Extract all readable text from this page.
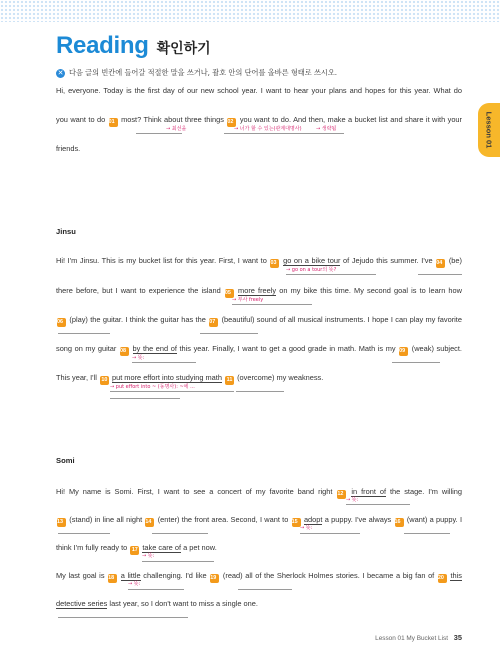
Reading 확인하기
✕ 다음 글의 빈칸에 들어갈 적절한 말을 쓰거나, 괄호 안의 단어를 올바른 형태로 쓰시오.
Lesson 01
Hi, everyone. Today is the first day of our new school year. I want to hear your plans and hopes for this year. What do
you want to do 01 most? Think about three things 02 you want to do. And then, make a bucket list and share it with your
→ 최선을	→ 너가 할 수 있는(관계대명사)	→ 생략됨
friends.
Jinsu
Hi! I'm Jinsu. This is my bucket list for this year. First, I want to 03 go on a bike tour of Jejudo this summer. I've 04 (be)
→ go on a tour의 뜻?
there before, but I want to experience the island 05 more freely on my bike this time. My second goal is to learn how
→ 부사 freely
06 (play) the guitar. I think the guitar has the 07 (beautiful) sound of all musical instruments. I hope I can play my favorite
song on my guitar 08 by the end of this year. Finally, I want to get a good grade in math. Math is my 09 (weak) subject.
→ 뜻:
This year, I'll 10 put more effort into studying math 11 (overcome) my weakness.
→ put effort into ~ (동명사): ~에 ...
Somi
Hi! My name is Somi. First, I want to see a concert of my favorite band right 12 in front of the stage. I'm willing
→ 뜻:
13 (stand) in line all night 14 (enter) the front area. Second, I want to 15 adopt a puppy. I've always 16 (want) a puppy. I
→ 뜻:
think I'm fully ready to 17 take care of a pet now.
→ 뜻:
My last goal is 18 a little challenging. I'd like 19 (read) all of the Sherlock Holmes stories. I became a big fan of 20 this
→ 뜻:
detective series last year, so I don't want to miss a single one.
Lesson 01 My Bucket List 35
